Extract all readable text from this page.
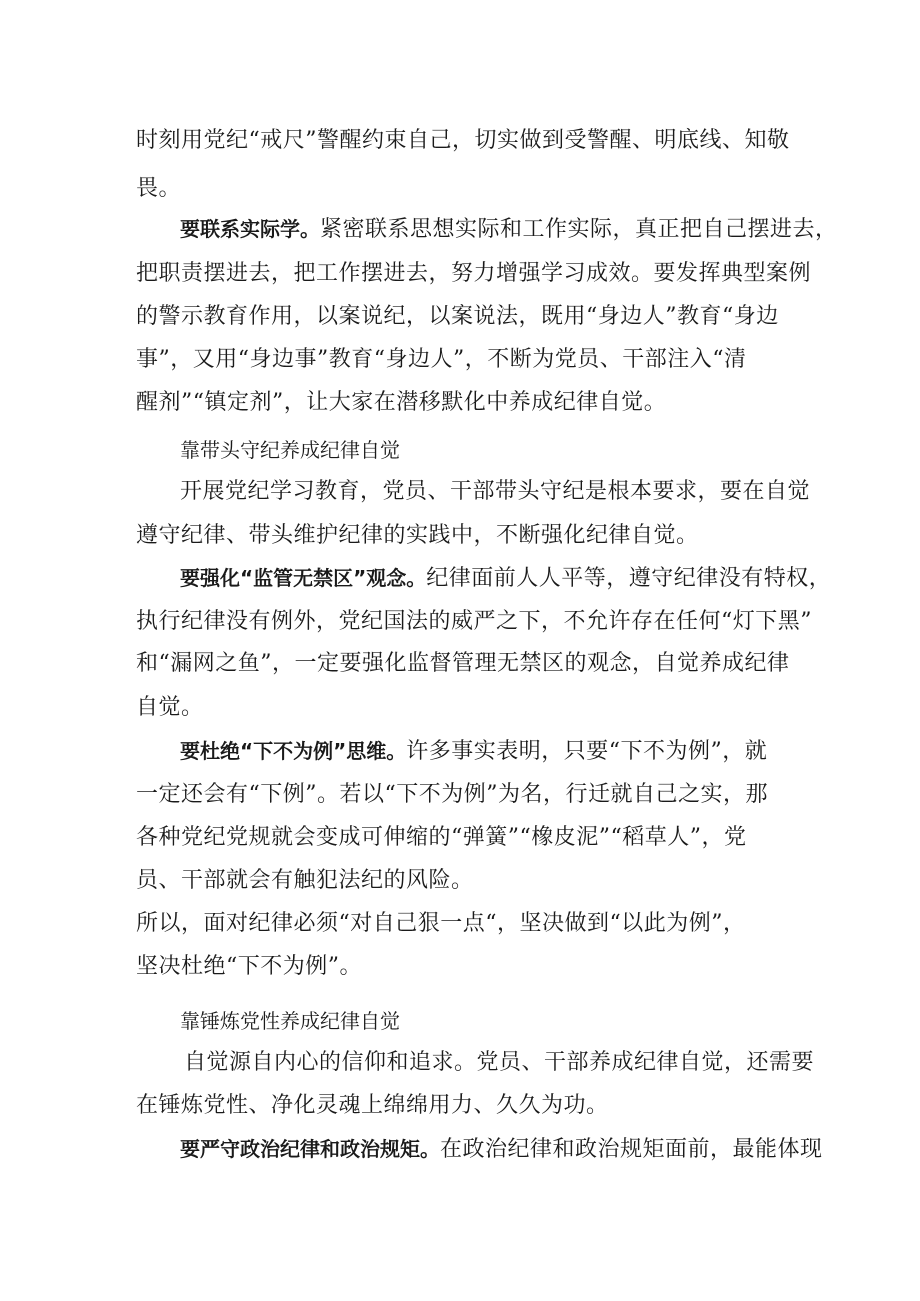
时刻用党纪“戒尺”警醒约束自己，切实做到受警醒、明底线、知敬
畏。
要联系实际学。紧密联系思想实际和工作实际，真正把自己摆进去，
把职责摆进去，把工作摆进去，努力增强学习成效。要发挥典型案例
的警示教育作用，以案说纪，以案说法，既用“身边人”教育“身边
事”，又用“身边事”教育“身边人”，不断为党员、干部注入“清
醒剂”“镇定剂”，让大家在潜移默化中养成纪律自觉。
靠带头守纪养成纪律自觉
开展党纪学习教育，党员、干部带头守纪是根本要求，要在自觉
遵守纪律、带头维护纪律的实践中，不断强化纪律自觉。
要强化“监管无禁区”观念。纪律面前人人平等，遵守纪律没有特权，
执行纪律没有例外，党纪国法的威严之下，不允许存在任何“灯下黑”
和“漏网之鱼”，一定要强化监督管理无禁区的观念，自觉养成纪律
自觉。
要杜绝“下不为例”思维。许多事实表明，只要“下不为例”，就
一定还会有“下例”。若以“下不为例”为名，行迁就自己之实，那
各种党纪党规就会变成可伸缩的“弹簧”“橡皮泥”“稻草人”，党
员、干部就会有触犯法纪的风险。
所以，面对纪律必须“对自己狠一点“，坚决做到“以此为例”，
坚决杜绝“下不为例”。
靠锤炼党性养成纪律自觉
自觉源自内心的信仰和追求。党员、干部养成纪律自觉，还需要
在锤炼党性、净化灵魂上绵绵用力、久久为功。
要严守政治纪律和政治规矩。在政治纪律和政治规矩面前，最能体现
